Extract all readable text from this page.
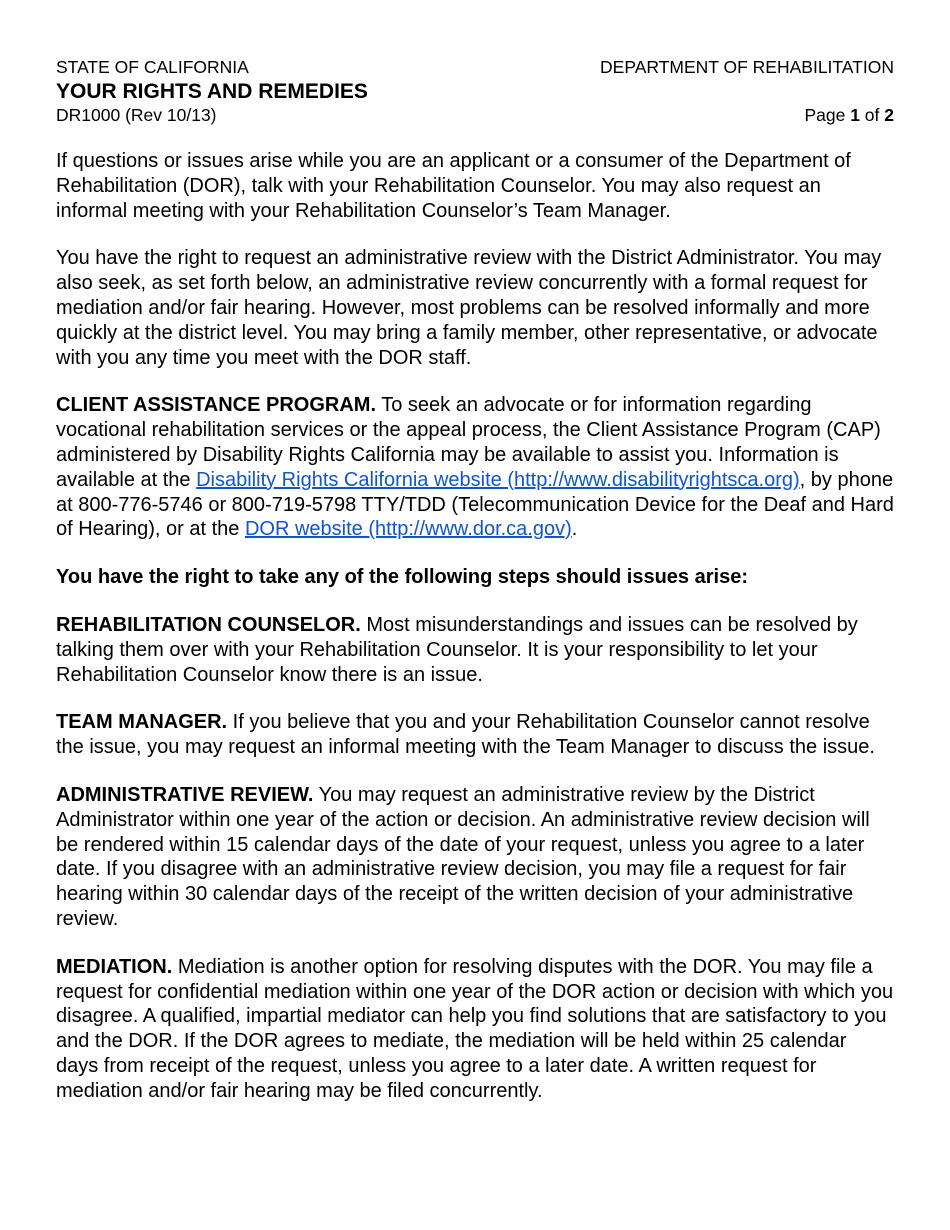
STATE OF CALIFORNIA	DEPARTMENT OF REHABILITATION
YOUR RIGHTS AND REMEDIES
DR1000 (Rev 10/13)	Page 1 of 2

If questions or issues arise while you are an applicant or a consumer of the Department of Rehabilitation (DOR), talk with your Rehabilitation Counselor. You may also request an informal meeting with your Rehabilitation Counselor’s Team Manager.

You have the right to request an administrative review with the District Administrator. You may also seek, as set forth below, an administrative review concurrently with a formal request for mediation and/or fair hearing. However, most problems can be resolved informally and more quickly at the district level. You may bring a family member, other representative, or advocate with you any time you meet with the DOR staff.

CLIENT ASSISTANCE PROGRAM. To seek an advocate or for information regarding vocational rehabilitation services or the appeal process, the Client Assistance Program (CAP) administered by Disability Rights California may be available to assist you. Information is available at the Disability Rights California website (http://www.disabilityrightsca.org), by phone at 800-776-5746 or 800-719-5798 TTY/TDD (Telecommunication Device for the Deaf and Hard of Hearing), or at the DOR website (http://www.dor.ca.gov).

You have the right to take any of the following steps should issues arise:

REHABILITATION COUNSELOR. Most misunderstandings and issues can be resolved by talking them over with your Rehabilitation Counselor. It is your responsibility to let your Rehabilitation Counselor know there is an issue.

TEAM MANAGER. If you believe that you and your Rehabilitation Counselor cannot resolve the issue, you may request an informal meeting with the Team Manager to discuss the issue.

ADMINISTRATIVE REVIEW. You may request an administrative review by the District Administrator within one year of the action or decision. An administrative review decision will be rendered within 15 calendar days of the date of your request, unless you agree to a later date. If you disagree with an administrative review decision, you may file a request for fair hearing within 30 calendar days of the receipt of the written decision of your administrative review.

MEDIATION. Mediation is another option for resolving disputes with the DOR. You may file a request for confidential mediation within one year of the DOR action or decision with which you disagree. A qualified, impartial mediator can help you find solutions that are satisfactory to you and the DOR. If the DOR agrees to mediate, the mediation will be held within 25 calendar days from receipt of the request, unless you agree to a later date. A written request for mediation and/or fair hearing may be filed concurrently.
